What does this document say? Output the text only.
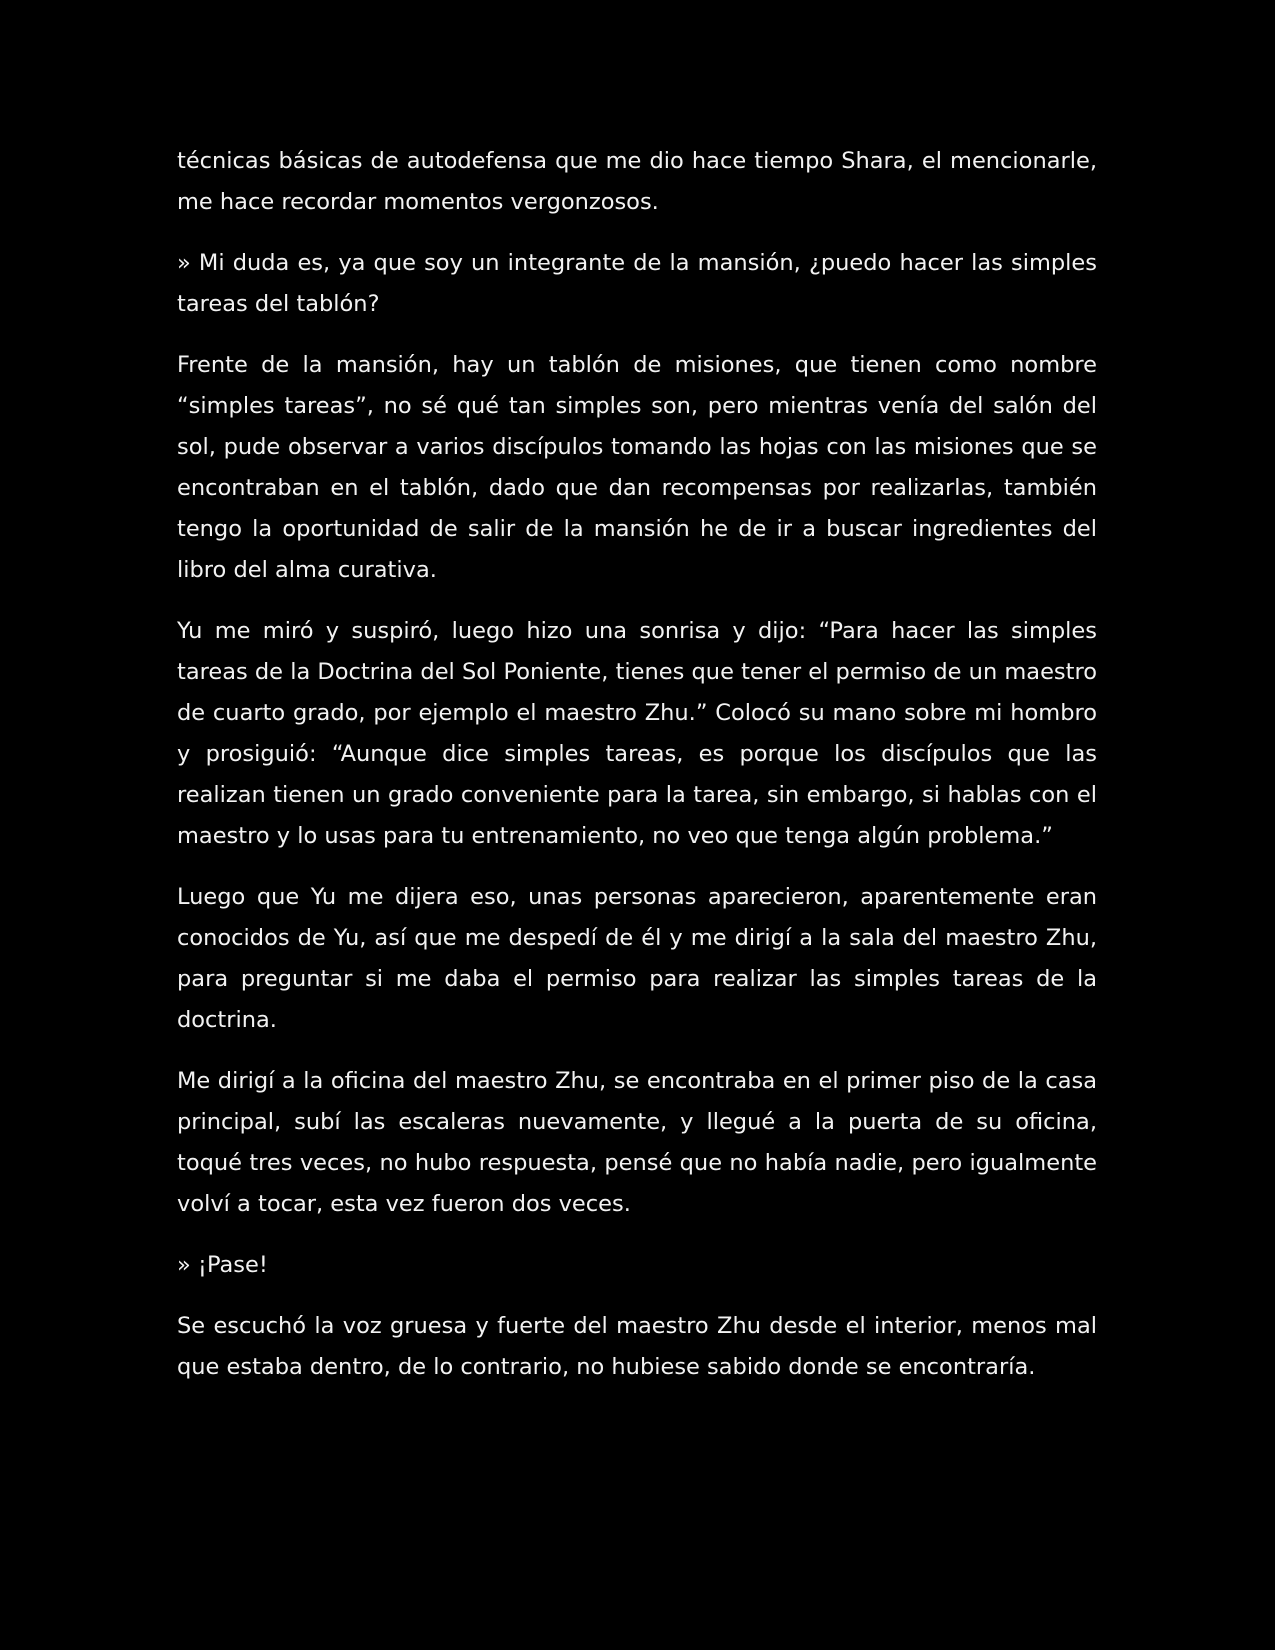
técnicas básicas de autodefensa que me dio hace tiempo Shara, el mencionarle, me hace recordar momentos vergonzosos.

» Mi duda es, ya que soy un integrante de la mansión, ¿puedo hacer las simples tareas del tablón?

Frente de la mansión, hay un tablón de misiones, que tienen como nombre “simples tareas”, no sé qué tan simples son, pero mientras venía del salón del sol, pude observar a varios discípulos tomando las hojas con las misiones que se encontraban en el tablón, dado que dan recompensas por realizarlas, también tengo la oportunidad de salir de la mansión he de ir a buscar ingredientes del libro del alma curativa.

Yu me miró y suspiró, luego hizo una sonrisa y dijo: “Para hacer las simples tareas de la Doctrina del Sol Poniente, tienes que tener el permiso de un maestro de cuarto grado, por ejemplo el maestro Zhu.” Colocó su mano sobre mi hombro y prosiguió: “Aunque dice simples tareas, es porque los discípulos que las realizan tienen un grado conveniente para la tarea, sin embargo, si hablas con el maestro y lo usas para tu entrenamiento, no veo que tenga algún problema.”

Luego que Yu me dijera eso, unas personas aparecieron, aparentemente eran conocidos de Yu, así que me despedí de él y me dirigí a la sala del maestro Zhu, para preguntar si me daba el permiso para realizar las simples tareas de la doctrina.

Me dirigí a la oficina del maestro Zhu, se encontraba en el primer piso de la casa principal, subí las escaleras nuevamente, y llegué a la puerta de su oficina, toqué tres veces, no hubo respuesta, pensé que no había nadie, pero igualmente volví a tocar, esta vez fueron dos veces.

» ¡Pase!

Se escuchó la voz gruesa y fuerte del maestro Zhu desde el interior, menos mal que estaba dentro, de lo contrario, no hubiese sabido donde se encontraría.
